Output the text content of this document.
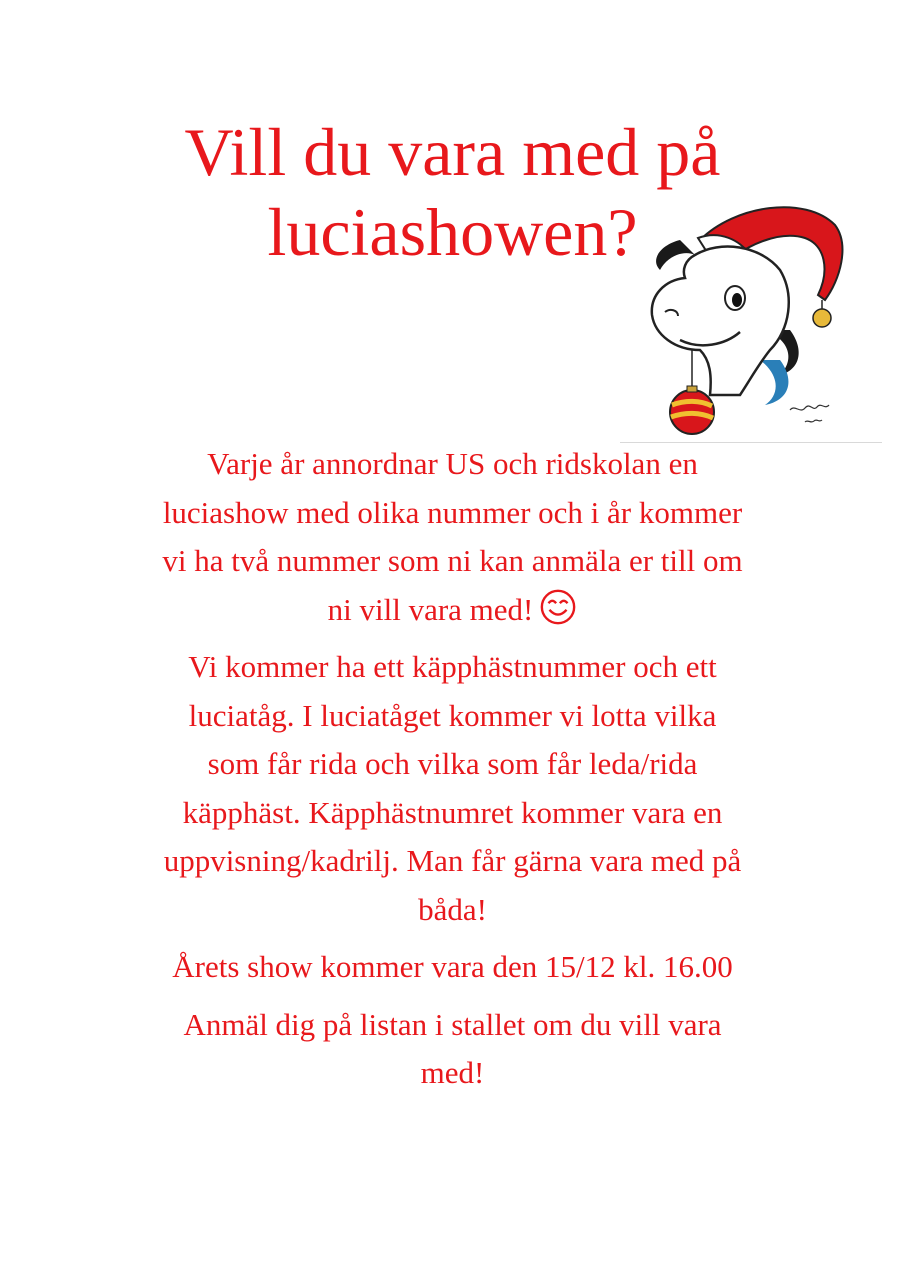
Vill du vara med på
luciashowen?

Varje år annordnar US och ridskolan en
luciashow med olika nummer och i år kommer
vi ha två nummer som ni kan anmäla er till om
ni vill vara med!

Vi kommer ha ett käpphästnummer och ett
luciatåg. I luciatåget kommer vi lotta vilka
som får rida och vilka som får leda/rida
käpphäst. Käpphästnumret kommer vara en
uppvisning/kadrilj. Man får gärna vara med på
båda!

Årets show kommer vara den 15/12 kl. 16.00

Anmäl dig på listan i stallet om du vill vara
med!
